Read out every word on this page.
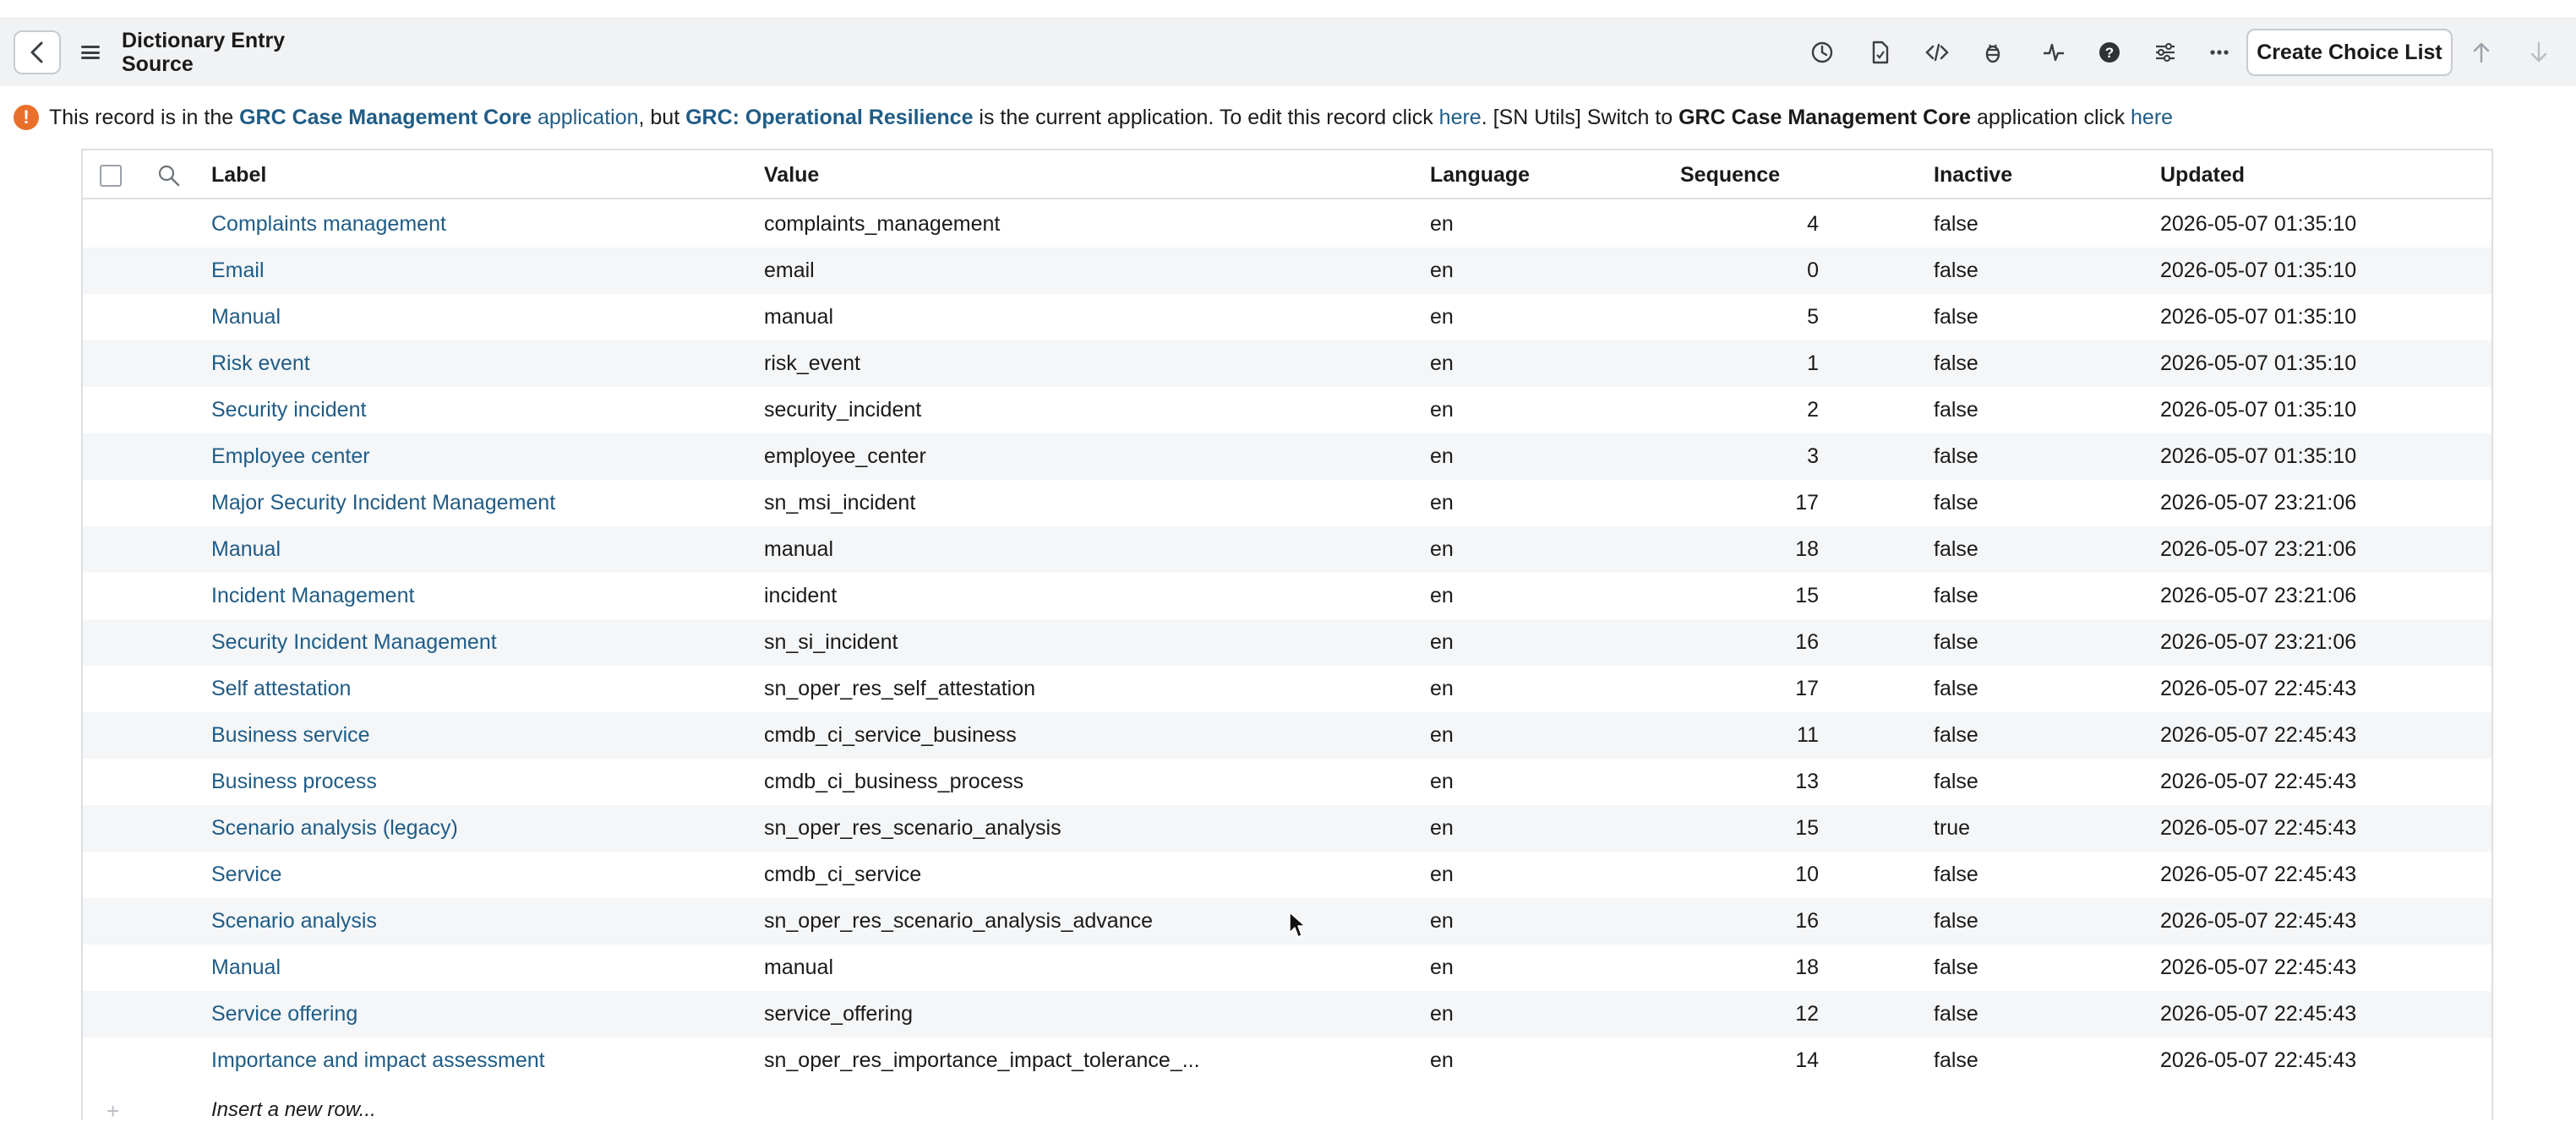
Dictionary Entry
Source	?	Create Choice List
! This record is in the GRC Case Management Core application, but GRC: Operational Resilience is the current application. To edit this record click here. [SN Utils] Switch to GRC Case Management Core application click here
Label	Value	Language	Sequence	Inactive	Updated
Complaints management	complaints_management	en	4	false	2026-05-07 01:35:10
Email	email	en	0	false	2026-05-07 01:35:10
Manual	manual	en	5	false	2026-05-07 01:35:10
Risk event	risk_event	en	1	false	2026-05-07 01:35:10
Security incident	security_incident	en	2	false	2026-05-07 01:35:10
Employee center	employee_center	en	3	false	2026-05-07 01:35:10
Major Security Incident Management	sn_msi_incident	en	17	false	2026-05-07 23:21:06
Manual	manual	en	18	false	2026-05-07 23:21:06
Incident Management	incident	en	15	false	2026-05-07 23:21:06
Security Incident Management	sn_si_incident	en	16	false	2026-05-07 23:21:06
Self attestation	sn_oper_res_self_attestation	en	17	false	2026-05-07 22:45:43
Business service	cmdb_ci_service_business	en	11	false	2026-05-07 22:45:43
Business process	cmdb_ci_business_process	en	13	false	2026-05-07 22:45:43
Scenario analysis (legacy)	sn_oper_res_scenario_analysis	en	15	true	2026-05-07 22:45:43
Service	cmdb_ci_service	en	10	false	2026-05-07 22:45:43
Scenario analysis	sn_oper_res_scenario_analysis_advance	en	16	false	2026-05-07 22:45:43
Manual	manual	en	18	false	2026-05-07 22:45:43
Service offering	service_offering	en	12	false	2026-05-07 22:45:43
Importance and impact assessment	sn_oper_res_importance_impact_tolerance_...	en	14	false	2026-05-07 22:45:43
+	Insert a new row...
